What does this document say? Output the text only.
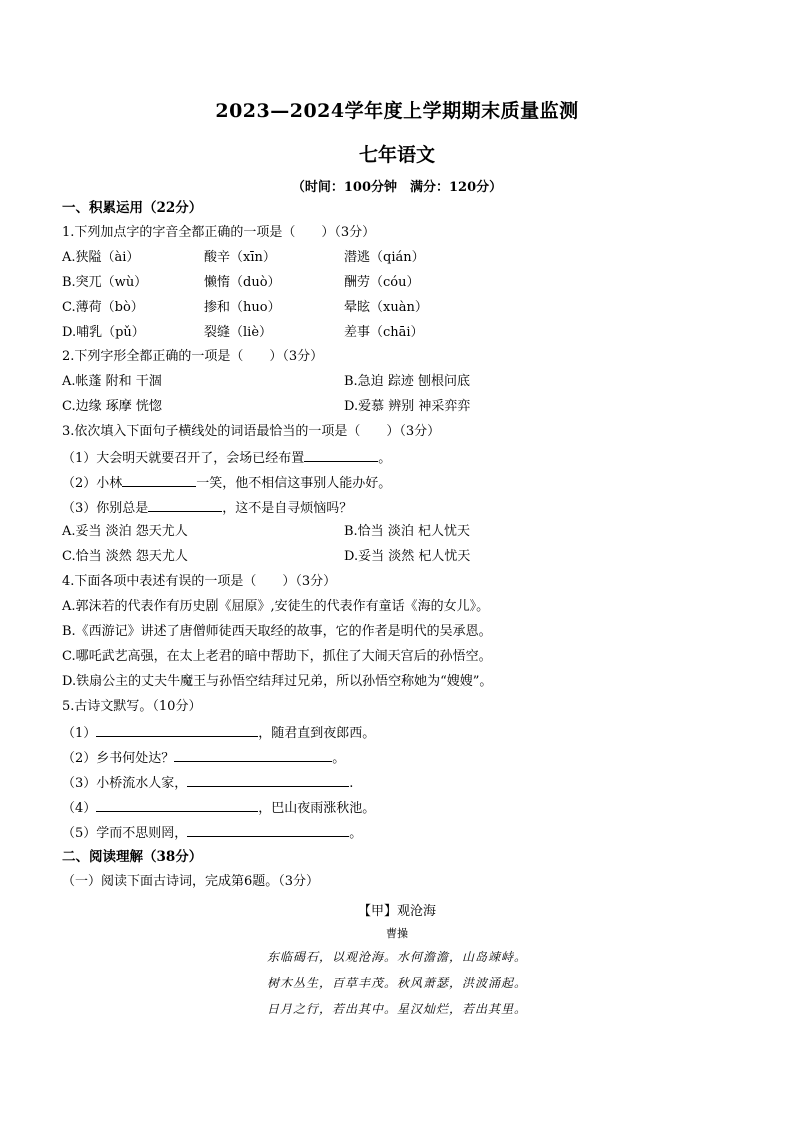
2023—2024学年度上学期期末质量监测
七年语文
（时间：100分钟　满分：120分）
一、积累运用（22分）
1.下列加点字的字音全都正确的一项是（　　）（3分）
A.狭隘（ài）	酸辛（xīn）	潜逃（qián）
B.突兀（wù）	懒惰（duò）	酬劳（cóu）
C.薄荷（bò）	掺和（huo）	晕眩（xuàn）
D.哺乳（pǔ）	裂缝（liè）	差事（chāi）
2.下列字形全都正确的一项是（　　）（3分）
A.帐蓬 附和 干涸	B.急迫 踪迹 刨根问底
C.边缘 琢摩 恍惚	D.爱慕 辨别 神采弈弈
3.依次填入下面句子横线处的词语最恰当的一项是（　　）（3分）
（1）大会明天就要召开了，会场已经布置	。
（2）小林	一笑，他不相信这事别人能办好。
（3）你别总是	，这不是自寻烦恼吗？
A.妥当 淡泊 怨天尤人	B.恰当 淡泊 杞人忧天
C.恰当 淡然 怨天尤人	D.妥当 淡然 杞人忧天
4.下面各项中表述有误的一项是（　　）（3分）
A.郭沫若的代表作有历史剧《屈原》,安徒生的代表作有童话《海的女儿》。
B.《西游记》讲述了唐僧师徒西天取经的故事，它的作者是明代的吴承恩。
C.哪吒武艺高强，在太上老君的暗中帮助下，抓住了大闹天宫后的孙悟空。
D.铁扇公主的丈夫牛魔王与孙悟空结拜过兄弟，所以孙悟空称她为“嫂嫂”。
5.古诗文默写。（10分）
（1）	，随君直到夜郎西。
（2）乡书何处达？	。
（3）小桥流水人家，	.
（4）	，巴山夜雨涨秋池。
（5）学而不思则罔，	。
二、阅读理解（38分）
（一）阅读下面古诗词，完成第6题。（3分）
【甲】观沧海
曹操
东临碣石，以观沧海。水何澹澹，山岛竦峙。
树木丛生，百草丰茂。秋风萧瑟，洪波涌起。
日月之行，若出其中。星汉灿烂，若出其里。
